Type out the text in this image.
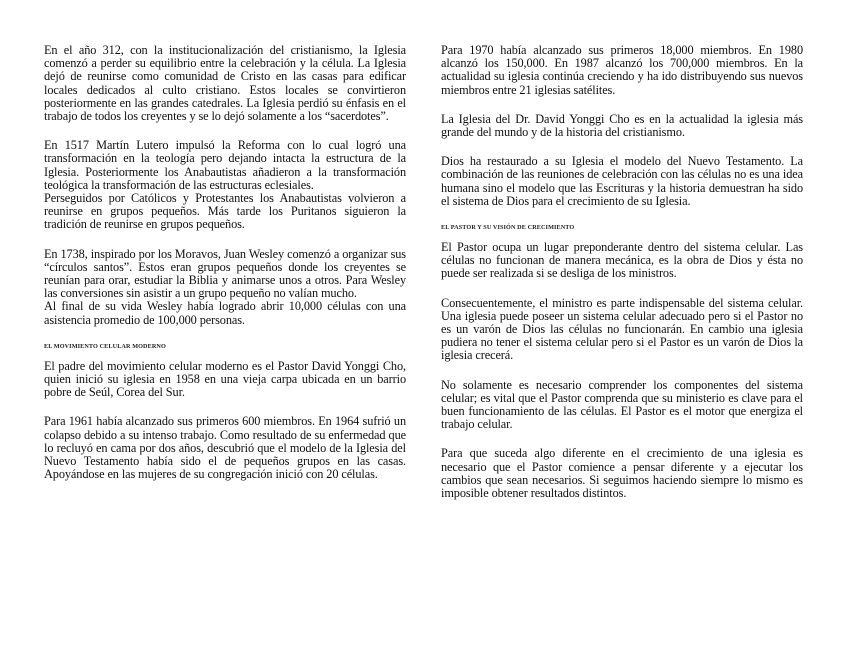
En el año 312, con la institucionalización del cristianismo, la Iglesia comenzó a perder su equilibrio entre la celebración y la célula. La Iglesia dejó de reunirse como comunidad de Cristo en las casas para edificar locales dedicados al culto cristiano. Estos locales se convirtieron posteriormente en las grandes catedrales. La Iglesia perdió su énfasis en el trabajo de todos los creyentes y se lo dejó solamente a los “sacerdotes”.

En 1517 Martín Lutero impulsó la Reforma con lo cual logró una transformación en la teología pero dejando intacta la estructura de la Iglesia. Posteriormente los Anabautistas añadieron a la transformación teológica la transformación de las estructuras eclesiales.

Perseguidos por Católicos y Protestantes los Anabautistas volvieron a reunirse en grupos pequeños. Más tarde los Puritanos siguieron la tradición de reunirse en grupos pequeños.

En 1738, inspirado por los Moravos, Juan Wesley comenzó a organizar sus “círculos santos”. Estos eran grupos pequeños donde los creyentes se reunían para orar, estudiar la Biblia y animarse unos a otros. Para Wesley las conversiones sin asistir a un grupo pequeño no valían mucho.

Al final de su vida Wesley había logrado abrir 10,000 células con una asistencia promedio de 100,000 personas.

EL MOVIMIENTO CELULAR MODERNO

El padre del movimiento celular moderno es el Pastor David Yonggi Cho, quien inició su iglesia en 1958 en una vieja carpa ubicada en un barrio pobre de Seúl, Corea del Sur.

Para 1961 había alcanzado sus primeros 600 miembros. En 1964 sufrió un colapso debido a su intenso trabajo. Como resultado de su enfermedad que lo recluyó en cama por dos años, descubrió que el modelo de la Iglesia del Nuevo Testamento había sido el de pequeños grupos en las casas. Apoyándose en las mujeres de su congregación inició con 20 células.

Para 1970 había alcanzado sus primeros 18,000 miembros. En 1980 alcanzó los 150,000. En 1987 alcanzó los 700,000 miembros. En la actualidad su iglesia continúa creciendo y ha ido distribuyendo sus nuevos miembros entre 21 iglesias satélites.

La Iglesia del Dr. David Yonggi Cho es en la actualidad la iglesia más grande del mundo y de la historia del cristianismo.

Dios ha restaurado a su Iglesia el modelo del Nuevo Testamento. La combinación de las reuniones de celebración con las células no es una idea humana sino el modelo que las Escrituras y la historia demuestran ha sido el sistema de Dios para el crecimiento de su Iglesia.

EL PASTOR Y SU VISIÓN DE CRECIMIENTO

El Pastor ocupa un lugar preponderante dentro del sistema celular. Las células no funcionan de manera mecánica, es la obra de Dios y ésta no puede ser realizada si se desliga de los ministros.

Consecuentemente, el ministro es parte indispensable del sistema celular. Una iglesia puede poseer un sistema celular adecuado pero si el Pastor no es un varón de Dios las células no funcionarán. En cambio una iglesia pudiera no tener el sistema celular pero si el Pastor es un varón de Dios la iglesia crecerá.

No solamente es necesario comprender los componentes del sistema celular; es vital que el Pastor comprenda que su ministerio es clave para el buen funcionamiento de las células. El Pastor es el motor que energiza el trabajo celular.

Para que suceda algo diferente en el crecimiento de una iglesia es necesario que el Pastor comience a pensar diferente y a ejecutar los cambios que sean necesarios. Si seguimos haciendo siempre lo mismo es imposible obtener resultados distintos.
